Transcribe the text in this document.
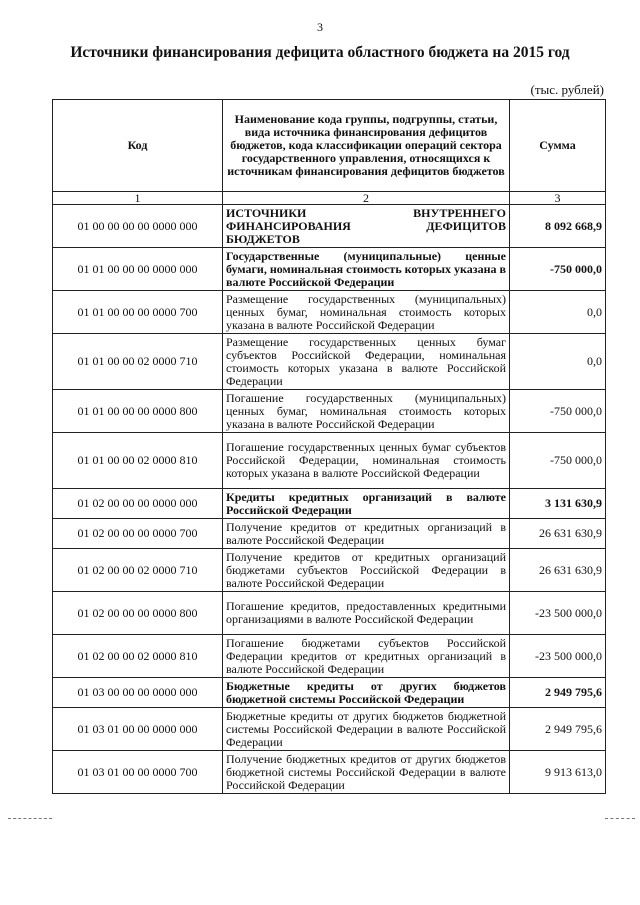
3
Источники финансирования дефицита областного бюджета на 2015 год
(тыс. рублей)
Код	Наименование кода группы, подгруппы, статьи, вида источника финансирования дефицитов бюджетов, кода классификации операций сектора государственного управления, относящихся к источникам финансирования дефицитов бюджетов	Сумма
1	2	3
01 00 00 00 00 0000 000	ИСТОЧНИКИ ВНУТРЕННЕГО ФИНАНСИРОВАНИЯ ДЕФИЦИТОВ БЮДЖЕТОВ	8 092 668,9
01 01 00 00 00 0000 000	Государственные (муниципальные) ценные бумаги, номинальная стоимость которых указана в валюте Российской Федерации	-750 000,0
01 01 00 00 00 0000 700	Размещение государственных (муниципальных) ценных бумаг, номинальная стоимость которых указана в валюте Российской Федерации	0,0
01 01 00 00 02 0000 710	Размещение государственных ценных бумаг субъектов Российской Федерации, номинальная стоимость которых указана в валюте Российской Федерации	0,0
01 01 00 00 00 0000 800	Погашение государственных (муниципальных) ценных бумаг, номинальная стоимость которых указана в валюте Российской Федерации	-750 000,0
01 01 00 00 02 0000 810	Погашение государственных ценных бумаг субъектов Российской Федерации, номинальная стоимость которых указана в валюте Российской Федерации	-750 000,0
01 02 00 00 00 0000 000	Кредиты кредитных организаций в валюте Российской Федерации	3 131 630,9
01 02 00 00 00 0000 700	Получение кредитов от кредитных организаций в валюте Российской Федерации	26 631 630,9
01 02 00 00 02 0000 710	Получение кредитов от кредитных организаций бюджетами субъектов Российской Федерации в валюте Российской Федерации	26 631 630,9
01 02 00 00 00 0000 800	Погашение кредитов, предоставленных кредитными организациями в валюте Российской Федерации	-23 500 000,0
01 02 00 00 02 0000 810	Погашение бюджетами субъектов Российской Федерации кредитов от кредитных организаций в валюте Российской Федерации	-23 500 000,0
01 03 00 00 00 0000 000	Бюджетные кредиты от других бюджетов бюджетной системы Российской Федерации	2 949 795,6
01 03 01 00 00 0000 000	Бюджетные кредиты от других бюджетов бюджетной системы Российской Федерации в валюте Российской Федерации	2 949 795,6
01 03 01 00 00 0000 700	Получение бюджетных кредитов от других бюджетов бюджетной системы Российской Федерации в валюте Российской Федерации	9 913 613,0
